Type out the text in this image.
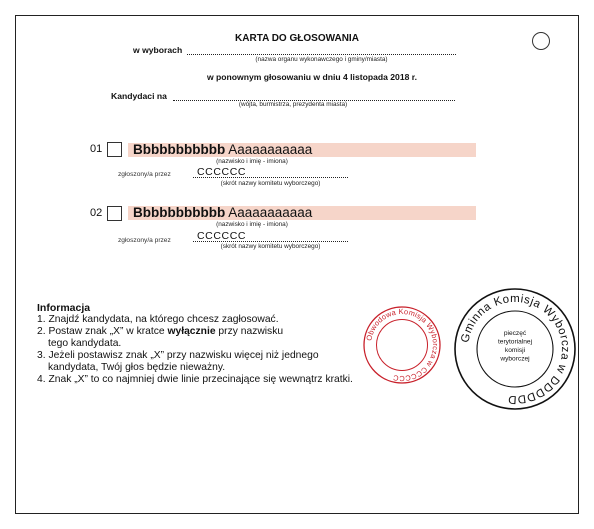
KARTA DO GŁOSOWANIA
w wyborach
(nazwa organu wykonawczego i gminy/miasta)
w ponownym głosowaniu w dniu 4 listopada 2018 r.
Kandydaci na
(wójta, burmistrza, prezydenta miasta)
01 Bbbbbbbbbbb Aaaaaaaaaaa
(nazwisko i imię - imiona)
zgłoszony/a przez CCCCCC
(skrót nazwy komitetu wyborczego)
02 Bbbbbbbbbbb Aaaaaaaaaaa
(nazwisko i imię - imiona)
zgłoszony/a przez CCCCCC
(skrót nazwy komitetu wyborczego)
Informacja
1. Znajdź kandydata, na którego chcesz zagłosować.
2. Postaw znak „X” w kratce wyłącznie przy nazwisku
tego kandydata.
3. Jeżeli postawisz znak „X” przy nazwisku więcej niż jednego
kandydata, Twój głos będzie nieważny.
4. Znak „X” to co najmniej dwie linie przecinające się wewnątrz kratki.
Obwodowa Komisja Wyborcza w CCCCCC
Gminna Komisja Wyborcza w DDDDDD
pieczęć
terytorialnej
komisji
wyborczej
